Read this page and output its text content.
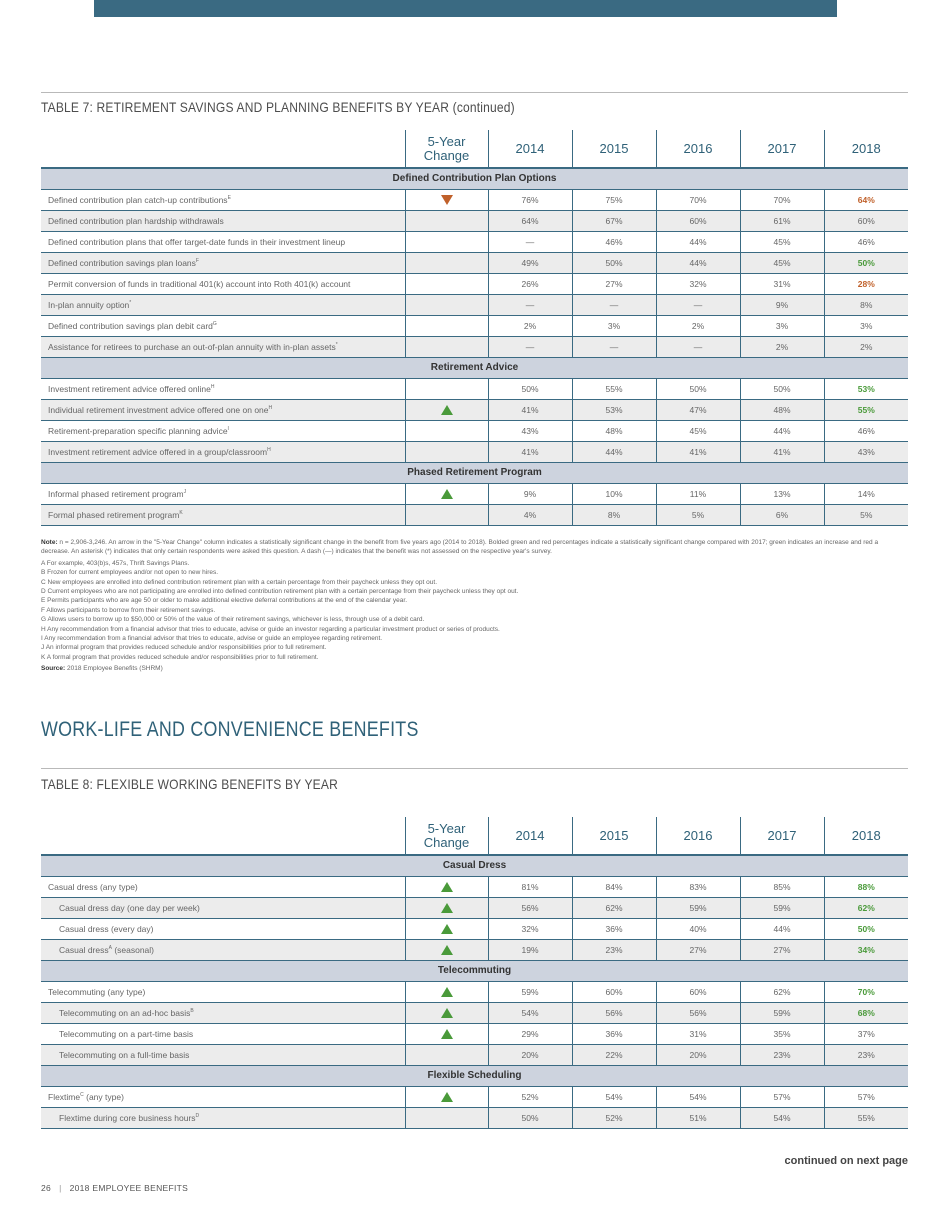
TABLE 7: RETIREMENT SAVINGS AND PLANNING BENEFITS BY YEAR (continued)
	5-Year Change	2014	2015	2016	2017	2018
Defined Contribution Plan Options						
Defined contribution plan catch-up contributions$^E$		76%	75%	70%	70%	64%
Defined contribution plan hardship withdrawals		64%	67%	60%	61%	60%
Defined contribution plans that offer target-date funds in their investment lineup		—	46%	44%	45%	46%
Defined contribution savings plan loans$^F$		49%	50%	44%	45%	50%
Permit conversion of funds in traditional 401(k) account into Roth 401(k) account		26%	27%	32%	31%	28%
In-plan annuity option*		—	—	—	9%	8%
Defined contribution savings plan debit card$^G$		2%	3%	2%	3%	3%
Assistance for retirees to purchase an out-of-plan annuity with in-plan assets*		—	—	—	2%	2%
Retirement Advice						
Investment retirement advice offered online$^H$		50%	55%	50%	50%	53%
Individual retirement investment advice offered one on one$^H$		41%	53%	47%	48%	55%
Retirement-preparation specific planning advice$^I$		43%	48%	45%	44%	46%
Investment retirement advice offered in a group/classroom$^H$		41%	44%	41%	41%	43%
Phased Retirement Program						
Informal phased retirement program$^J$		9%	10%	11%	13%	14%
Formal phased retirement program$^K$		4%	8%	5%	6%	5%
Note: n = 2,906-3,246. An arrow in the "5-Year Change" column indicates a statistically significant change in the benefit from five years ago (2014 to 2018). Bolded green and red percentages indicate a statistically significant change compared with 2017; green indicates an increase and red a decrease. An asterisk (*) indicates that only certain respondents were asked this question. A dash (—) indicates that the benefit was not assessed on the respective year's survey.
A For example, 403(b)s, 457s, Thrift Savings Plans.
B Frozen for current employees and/or not open to new hires.
C New employees are enrolled into defined contribution retirement plan with a certain percentage from their paycheck unless they opt out.
D Current employees who are not participating are enrolled into defined contribution retirement plan with a certain percentage from their paycheck unless they opt out.
E Permits participants who are age 50 or older to make additional elective deferral contributions at the end of the calendar year.
F Allows participants to borrow from their retirement savings.
G Allows users to borrow up to $50,000 or 50% of the value of their retirement savings, whichever is less, through use of a debit card.
H Any recommendation from a financial advisor that tries to educate, advise or guide an investor regarding a particular investment product or series of products.
I Any recommendation from a financial advisor that tries to educate, advise or guide an employee regarding retirement.
J An informal program that provides reduced schedule and/or responsibilities prior to full retirement.
K A formal program that provides reduced schedule and/or responsibilities prior to full retirement.
Source: 2018 Employee Benefits (SHRM)
WORK-LIFE AND CONVENIENCE BENEFITS
TABLE 8: FLEXIBLE WORKING BENEFITS BY YEAR
	5-Year Change	2014	2015	2016	2017	2018
Casual Dress						
Casual dress (any type)		81%	84%	83%	85%	88%
Casual dress day (one day per week)		56%	62%	59%	59%	62%
Casual dress (every day)		32%	36%	40%	44%	50%
Casual dress$^A$ (seasonal)		19%	23%	27%	27%	34%
Telecommuting						
Telecommuting (any type)		59%	60%	60%	62%	70%
Telecommuting on an ad-hoc basis$^B$		54%	56%	56%	59%	68%
Telecommuting on a part-time basis		29%	36%	31%	35%	37%
Telecommuting on a full-time basis		20%	22%	20%	23%	23%
Flexible Scheduling						
Flextime$^C$ (any type)		52%	54%	54%	57%	57%
Flextime during core business hours$^D$		50%	52%	51%	54%	55%
continued on next page
26 | 2018 EMPLOYEE BENEFITS
